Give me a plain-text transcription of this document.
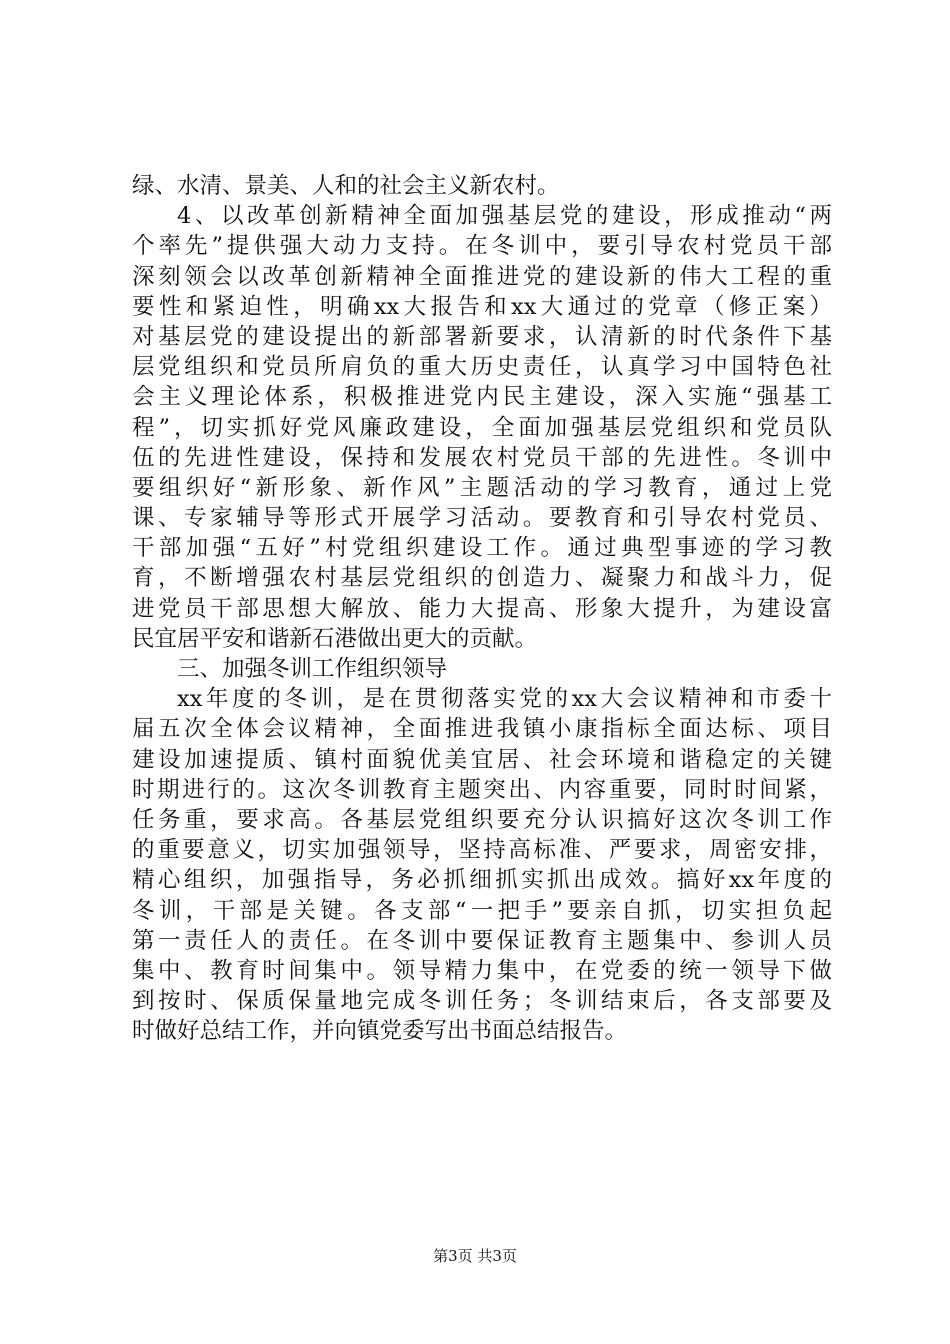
绿、水清、景美、人和的社会主义新农村。
4、以改革创新精神全面加强基层党的建设，形成推动“两
个率先”提供强大动力支持。在冬训中，要引导农村党员干部
深刻领会以改革创新精神全面推进党的建设新的伟大工程的重
要性和紧迫性，明确xx大报告和xx大通过的党章（修正案）
对基层党的建设提出的新部署新要求，认清新的时代条件下基
层党组织和党员所肩负的重大历史责任，认真学习中国特色社
会主义理论体系，积极推进党内民主建设，深入实施“强基工
程”，切实抓好党风廉政建设，全面加强基层党组织和党员队
伍的先进性建设，保持和发展农村党员干部的先进性。冬训中
要组织好“新形象、新作风”主题活动的学习教育，通过上党
课、专家辅导等形式开展学习活动。要教育和引导农村党员、
干部加强“五好”村党组织建设工作。通过典型事迹的学习教
育，不断增强农村基层党组织的创造力、凝聚力和战斗力，促
进党员干部思想大解放、能力大提高、形象大提升，为建设富
民宜居平安和谐新石港做出更大的贡献。
三、加强冬训工作组织领导
xx年度的冬训，是在贯彻落实党的xx大会议精神和市委十
届五次全体会议精神，全面推进我镇小康指标全面达标、项目
建设加速提质、镇村面貌优美宜居、社会环境和谐稳定的关键
时期进行的。这次冬训教育主题突出、内容重要，同时时间紧，
任务重，要求高。各基层党组织要充分认识搞好这次冬训工作
的重要意义，切实加强领导，坚持高标准、严要求，周密安排，
精心组织，加强指导，务必抓细抓实抓出成效。搞好xx年度的
冬训，干部是关键。各支部“一把手”要亲自抓，切实担负起
第一责任人的责任。在冬训中要保证教育主题集中、参训人员
集中、教育时间集中。领导精力集中，在党委的统一领导下做
到按时、保质保量地完成冬训任务；冬训结束后，各支部要及
时做好总结工作，并向镇党委写出书面总结报告。
第3页 共3页
